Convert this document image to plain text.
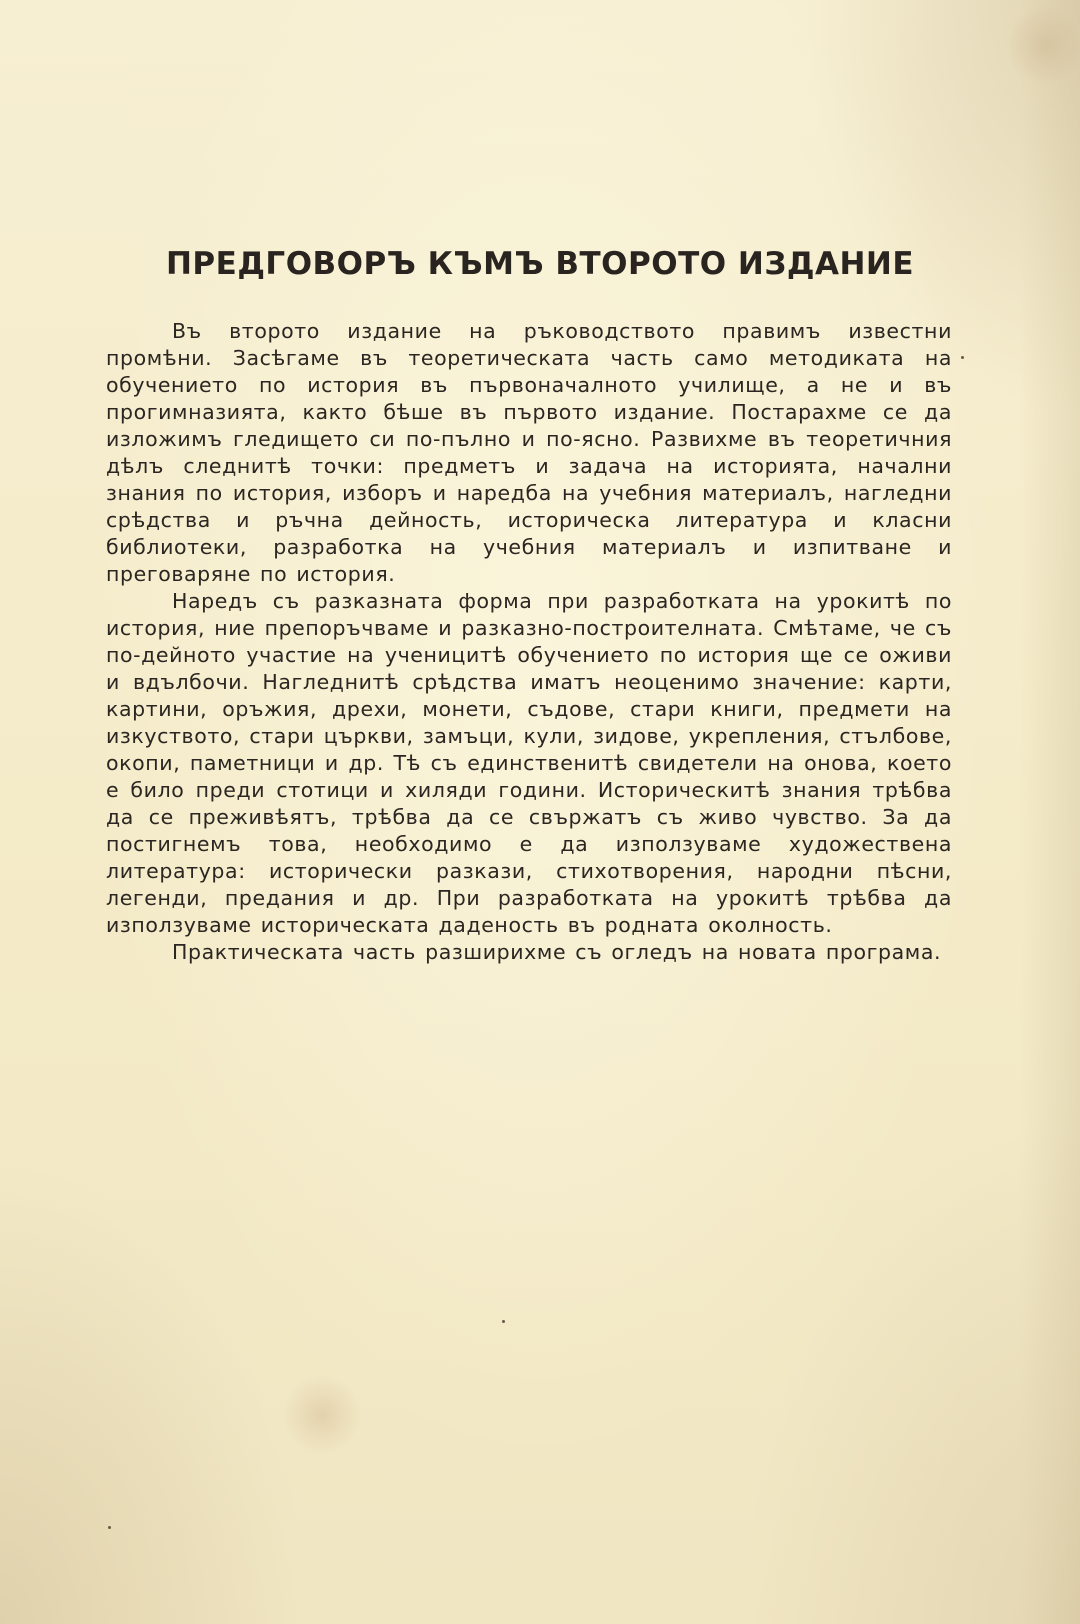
ПРЕДГОВОРЪ КЪМЪ ВТОРОТО ИЗДАНИЕ

Въ второто издание на ръководството правимъ известни промѣни. Засѣгаме въ теоретическата часть само методиката на обучението по история въ първоначалното училище, а не и въ прогимназията, както бѣше въ първото издание. Постарахме се да изложимъ гледището си по-пълно и по-ясно. Развихме въ теоретичния дѣлъ следнитѣ точки: предметъ и задача на историята, начални знания по история, изборъ и наредба на учебния материалъ, нагледни срѣдства и ръчна дейность, историческа литература и класни библиотеки, разработка на учебния материалъ и изпитване и преговаряне по история.

Наредъ съ разказната форма при разработката на урокитѣ по история, ние препоръчваме и разказно-построителната. Смѣтаме, че съ по-дейното участие на ученицитѣ обучението по история ще се оживи и вдълбочи. Нагледнитѣ срѣдства иматъ неоценимо значение: карти, картини, оръжия, дрехи, монети, съдове, стари книги, предмети на изкуството, стари църкви, замъци, кули, зидове, укрепления, стълбове, окопи, паметници и др. Тѣ съ единственитѣ свидетели на онова, което е било преди стотици и хиляди години. Историческитѣ знания трѣбва да се преживѣятъ, трѣбва да се свържатъ съ живо чувство. За да постигнемъ това, необходимо е да използуваме художествена литература: исторически разкази, стихотворения, народни пѣсни, легенди, предания и др. При разработката на урокитѣ трѣбва да използуваме историческата даденость въ родната околность.

Практическата часть разширихме съ огледъ на новата програма.
